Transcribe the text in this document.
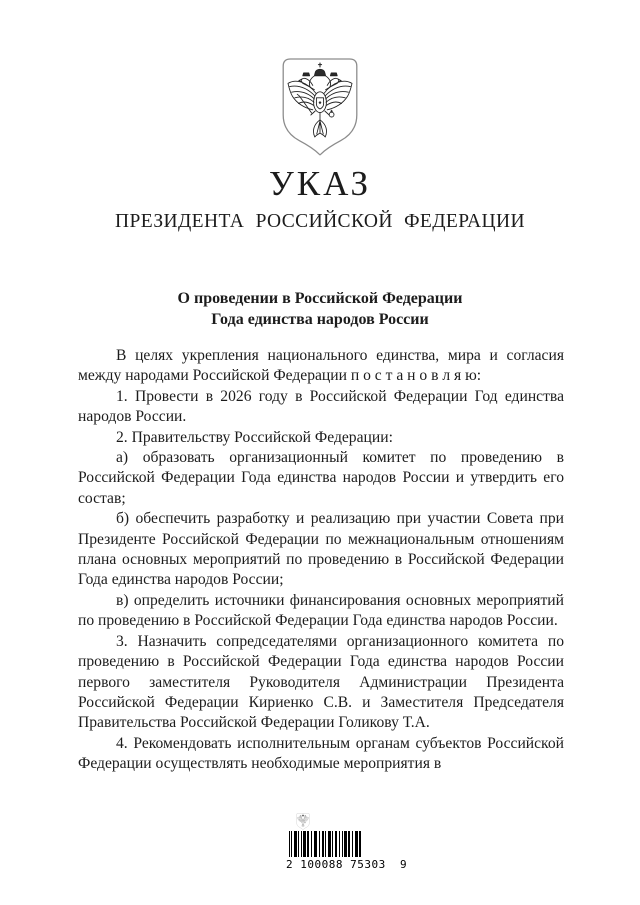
УКАЗ
ПРЕЗИДЕНТА РОССИЙСКОЙ ФЕДЕРАЦИИ
О проведении в Российской Федерации
Года единства народов России

В целях укрепления национального единства, мира и согласия между народами Российской Федерации п о с т а н о в л я ю:

1. Провести в 2026 году в Российской Федерации Год единства народов России.

2. Правительству Российской Федерации:

а) образовать организационный комитет по проведению в Российской Федерации Года единства народов России и утвердить его состав;

б) обеспечить разработку и реализацию при участии Совета при Президенте Российской Федерации по межнациональным отношениям плана основных мероприятий по проведению в Российской Федерации Года единства народов России;

в) определить источники финансирования основных мероприятий по проведению в Российской Федерации Года единства народов России.

3. Назначить сопредседателями организационного комитета по проведению в Российской Федерации Года единства народов России первого заместителя Руководителя Администрации Президента Российской Федерации Кириенко С.В. и Заместителя Председателя Правительства Российской Федерации Голикову Т.А.

4. Рекомендовать исполнительным органам субъектов Российской Федерации осуществлять необходимые мероприятия в

2 100088 75303  9
